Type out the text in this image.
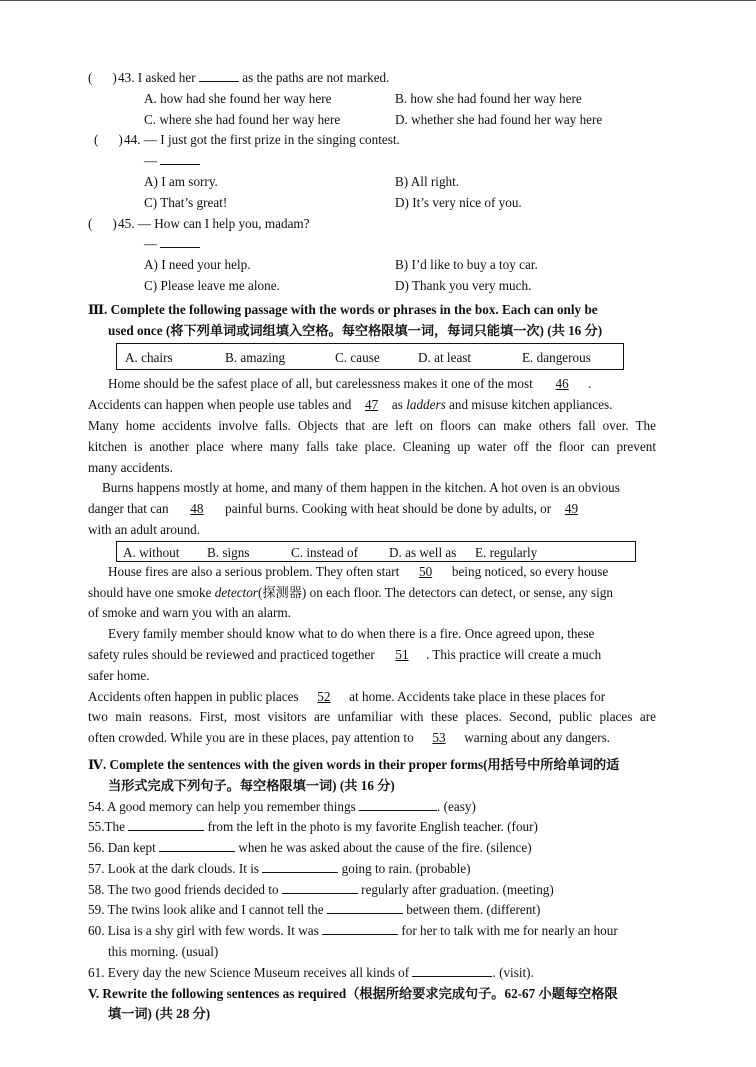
( )43. I asked her	as the paths are not marked.
A. how had she found her way here	B. how she had found her way here
C. where she had found her way here	D. whether she had found her way here
( )44. — I just got the first prize in the singing contest.
—
A) I am sorry.	B) All right.
C) That’s great!	D) It’s very nice of you.
( )45. — How can I help you, madam?
—
A) I need your help.	B) I’d like to buy a toy car.
C) Please leave me alone.	D) Thank you very much.
Ⅲ. Complete the following passage with the words or phrases in the box. Each can only be
used once (将下列单词或词组填入空格。每空格限填一词，每词只能填一次) (共 16 分)
A. chairs	B. amazing	C. cause	D. at least	E. dangerous
Home should be the safest place of all, but carelessness makes it one of the most 46 .
Accidents can happen when people use tables and 47 as ladders and misuse kitchen appliances.
Many home accidents involve falls. Objects that are left on floors can make others fall over. The
kitchen is another place where many falls take place. Cleaning up water off the floor can prevent
many accidents.
Burns happens mostly at home, and many of them happen in the kitchen. A hot oven is an obvious
danger that can 48 painful burns. Cooking with heat should be done by adults, or 49
with an adult around.
A. without	B. signs	C. instead of	D. as well as	E. regularly
House fires are also a serious problem. They often start 50 being noticed, so every house
should have one smoke detector(探测器) on each floor. The detectors can detect, or sense, any sign
of smoke and warn you with an alarm.
Every family member should know what to do when there is a fire. Once agreed upon, these
safety rules should be reviewed and practiced together 51 . This practice will create a much
safer home.
Accidents often happen in public places 52 at home. Accidents take place in these places for
two main reasons. First, most visitors are unfamiliar with these places. Second, public places are
often crowded. While you are in these places, pay attention to 53 warning about any dangers.
Ⅳ. Complete the sentences with the given words in their proper forms(用括号中所给单词的适
当形式完成下列句子。每空格限填一词) (共 16 分)
54. A good memory can help you remember things	. (easy)
55.The	from the left in the photo is my favorite English teacher. (four)
56. Dan kept	when he was asked about the cause of the fire. (silence)
57. Look at the dark clouds. It is	going to rain. (probable)
58. The two good friends decided to	regularly after graduation. (meeting)
59. The twins look alike and I cannot tell the	between them. (different)
60. Lisa is a shy girl with few words. It was	for her to talk with me for nearly an hour
this morning. (usual)
61. Every day the new Science Museum receives all kinds of	. (visit).
V. Rewrite the following sentences as required（根据所给要求完成句子。62-67 小题每空格限
填一词) (共 28 分)
